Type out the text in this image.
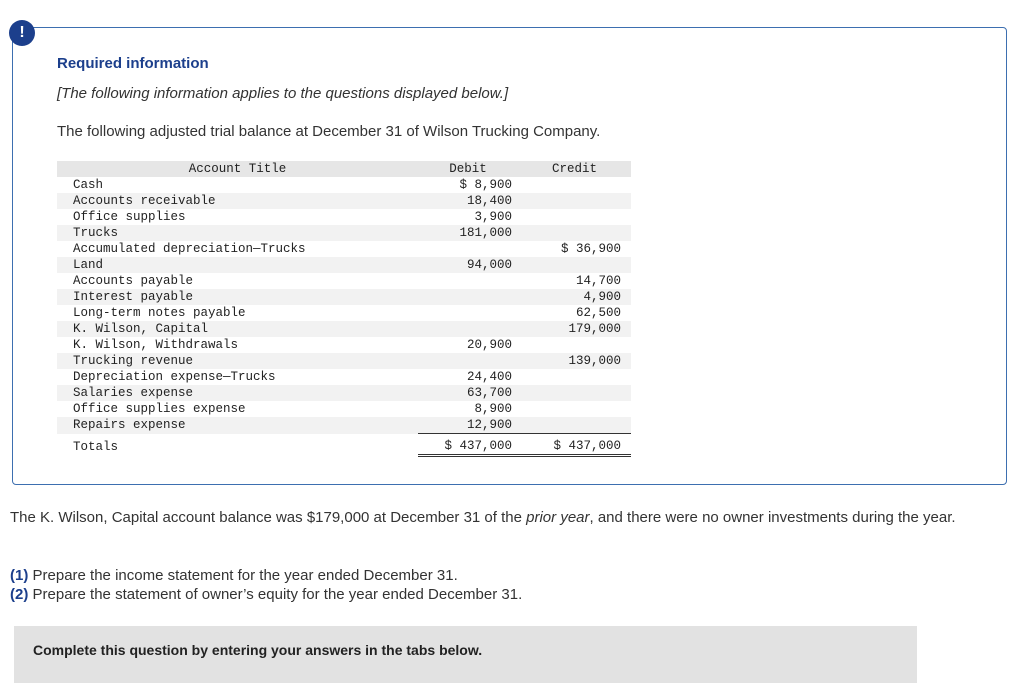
!
Required information
[The following information applies to the questions displayed below.]
The following adjusted trial balance at December 31 of Wilson Trucking Company.
Account Title	Debit	Credit
Cash	$ 8,900	
Accounts receivable	18,400	
Office supplies	3,900	
Trucks	181,000	
Accumulated depreciation—Trucks		$ 36,900
Land	94,000	
Accounts payable		14,700
Interest payable		4,900
Long-term notes payable		62,500
K. Wilson, Capital		179,000
K. Wilson, Withdrawals	20,900	
Trucking revenue		139,000
Depreciation expense—Trucks	24,400	
Salaries expense	63,700	
Office supplies expense	8,900	
Repairs expense	12,900	
Totals	$ 437,000	$ 437,000
The K. Wilson, Capital account balance was $179,000 at December 31 of the prior year, and there were no owner investments during the year.
(1) Prepare the income statement for the year ended December 31.
(2) Prepare the statement of owner’s equity for the year ended December 31.
Complete this question by entering your answers in the tabs below.
